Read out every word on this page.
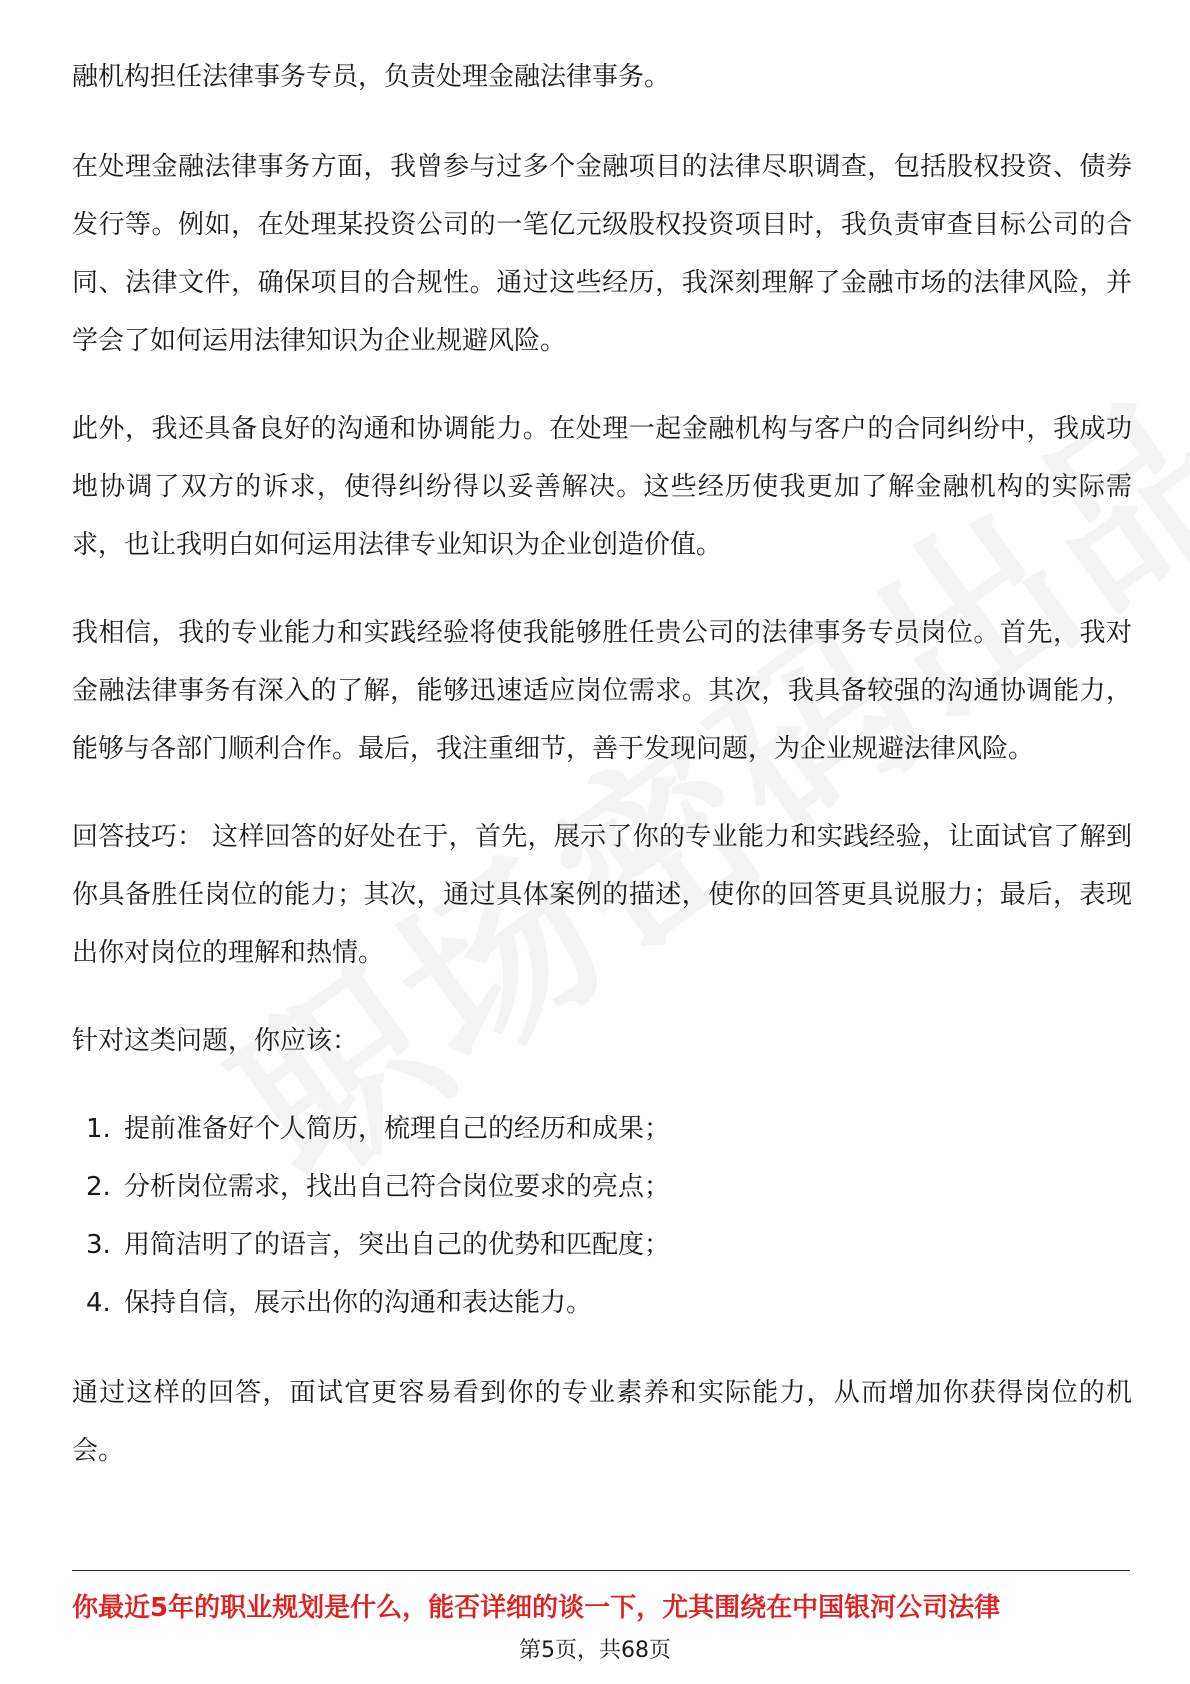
融机构担任法律事务专员，负责处理金融法律事务。

在处理金融法律事务方面，我曾参与过多个金融项目的法律尽职调查，包括股权投资、债券发行等。例如，在处理某投资公司的一笔亿元级股权投资项目时，我负责审查目标公司的合同、法律文件，确保项目的合规性。通过这些经历，我深刻理解了金融市场的法律风险，并学会了如何运用法律知识为企业规避风险。

此外，我还具备良好的沟通和协调能力。在处理一起金融机构与客户的合同纠纷中，我成功地协调了双方的诉求，使得纠纷得以妥善解决。这些经历使我更加了解金融机构的实际需求，也让我明白如何运用法律专业知识为企业创造价值。

我相信，我的专业能力和实践经验将使我能够胜任贵公司的法律事务专员岗位。首先，我对金融法律事务有深入的了解，能够迅速适应岗位需求。其次，我具备较强的沟通协调能力，能够与各部门顺利合作。最后，我注重细节，善于发现问题，为企业规避法律风险。

回答技巧： 这样回答的好处在于，首先，展示了你的专业能力和实践经验，让面试官了解到你具备胜任岗位的能力；其次，通过具体案例的描述，使你的回答更具说服力；最后，表现出你对岗位的理解和热情。

针对这类问题，你应该：

1. 提前准备好个人简历，梳理自己的经历和成果；
2. 分析岗位需求，找出自己符合岗位要求的亮点；
3. 用简洁明了的语言，突出自己的优势和匹配度；
4. 保持自信，展示出你的沟通和表达能力。

通过这样的回答，面试官更容易看到你的专业素养和实际能力，从而增加你获得岗位的机会。

你最近5年的职业规划是什么，能否详细的谈一下，尤其围绕在中国银河公司法律
第5页，共68页
